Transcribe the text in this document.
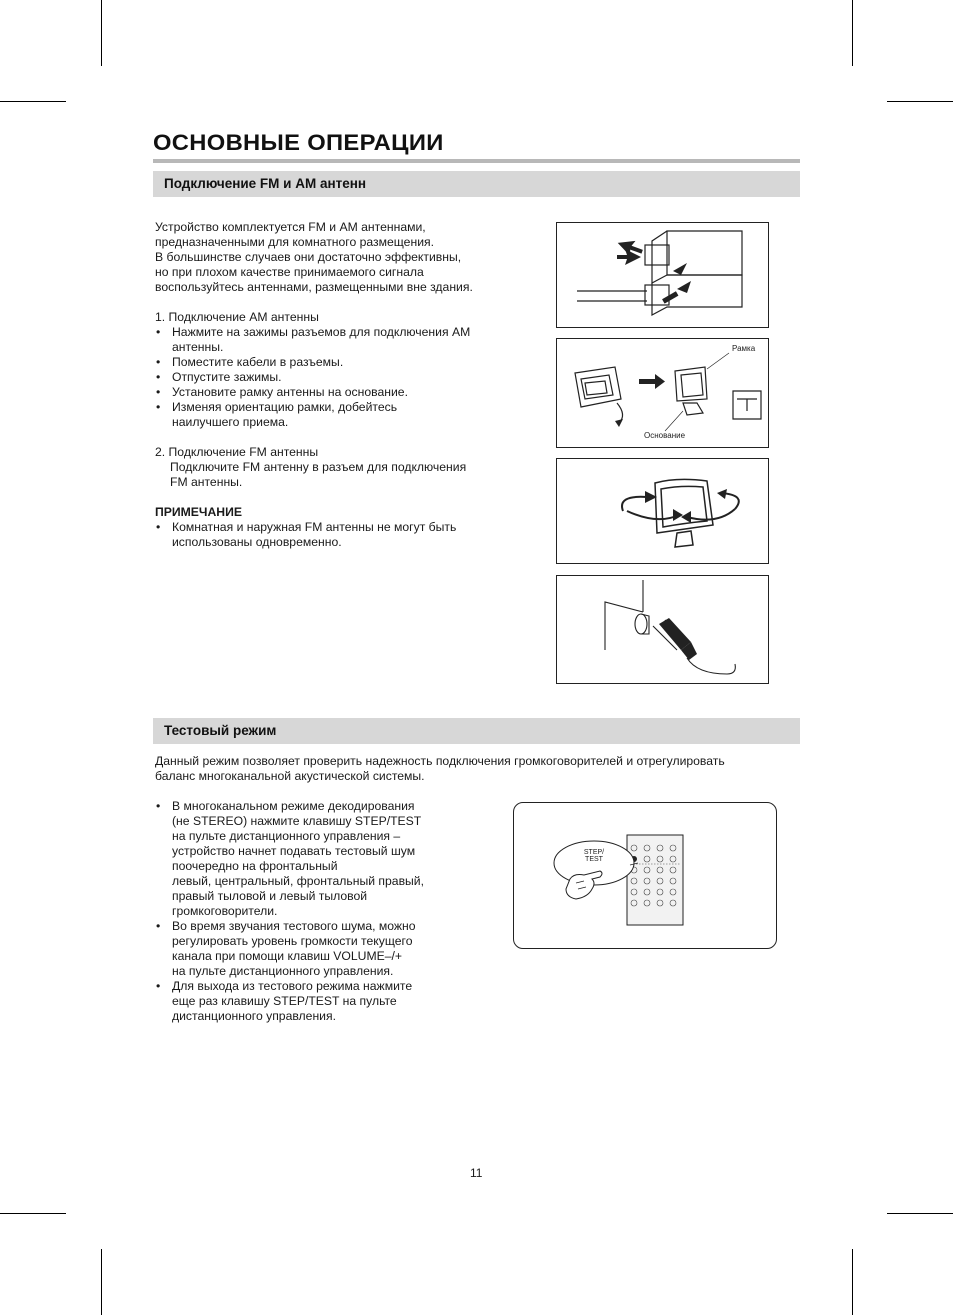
ОСНОВНЫЕ ОПЕРАЦИИ
Подключение FM и AM антенн

Устройство комплектуется FM и AM антеннами,

предназначенными для комнатного размещения.

В большинстве случаев они достаточно эффективны,

но при плохом качестве принимаемого сигнала

воспользуйтесь антеннами, размещенными вне здания.

1. Подключение AM антенны

• Нажмите на зажимы разъемов для подключения AM антенны.

• Поместите кабели в разъемы.

• Отпустите зажимы.

• Установите рамку антенны на основание.

• Изменяя ориентацию рамки, добейтесь наилучшего приема.

2. Подключение FM антенны

Подключите FM антенну в разъем для подключения

FM антенны.

ПРИМЕЧАНИЕ

• Комнатная и наружная FM антенны не могут быть использованы одновременно.

Рамка
Основание
Тестовый режим

Данный режим позволяет проверить надежность подключения громкоговорителей и отрегулировать

баланс многоканальной акустической системы.

• В многоканальном режиме декодирования

(не STEREO) нажмите клавишу STEP/TEST

на пульте дистанционного управления –

устройство начнет подавать тестовый шум

поочередно на фронтальный

левый, центральный, фронтальный правый,

правый тыловой и левый тыловой

громкоговорители.

• Во время звучания тестового шума, можно

регулировать уровень громкости текущего

канала при помощи клавиш VOLUME–/+

на пульте дистанционного управления.

• Для выхода из тестового режима нажмите

еще раз клавишу STEP/TEST на пульте

дистанционного управления.

STEP/
TEST
11
